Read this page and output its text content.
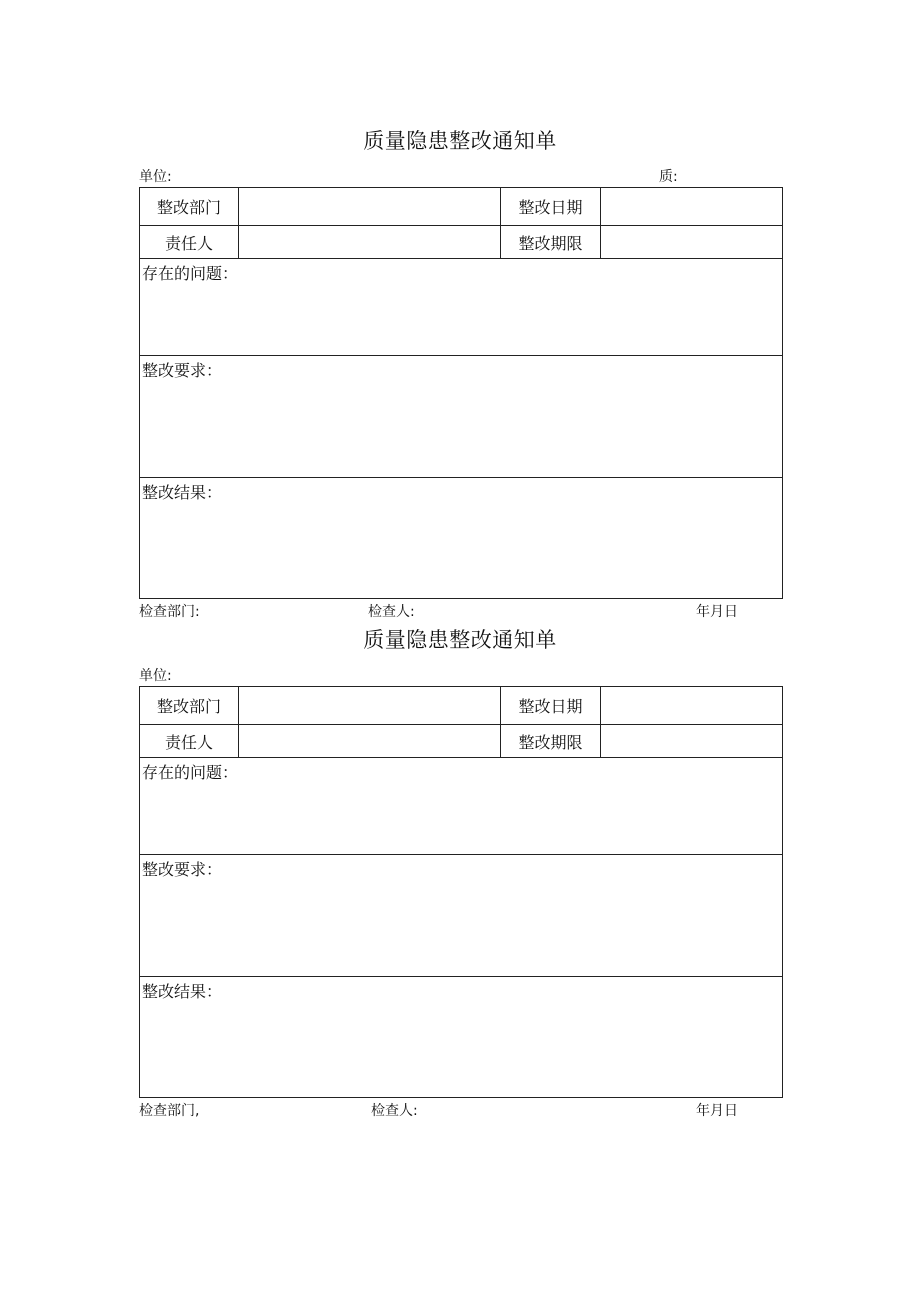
质量隐患整改通知单
单位:	质:
整改部门		整改日期	
责任人		整改期限	
存在的问题：			
整改要求：			
整改结果：			
检查部门:	检查人:	年月日
质量隐患整改通知单
单位:
整改部门		整改日期	
责任人		整改期限	
存在的问题：			
整改要求：			
整改结果：			
检查部门,	检查人:	年月日
